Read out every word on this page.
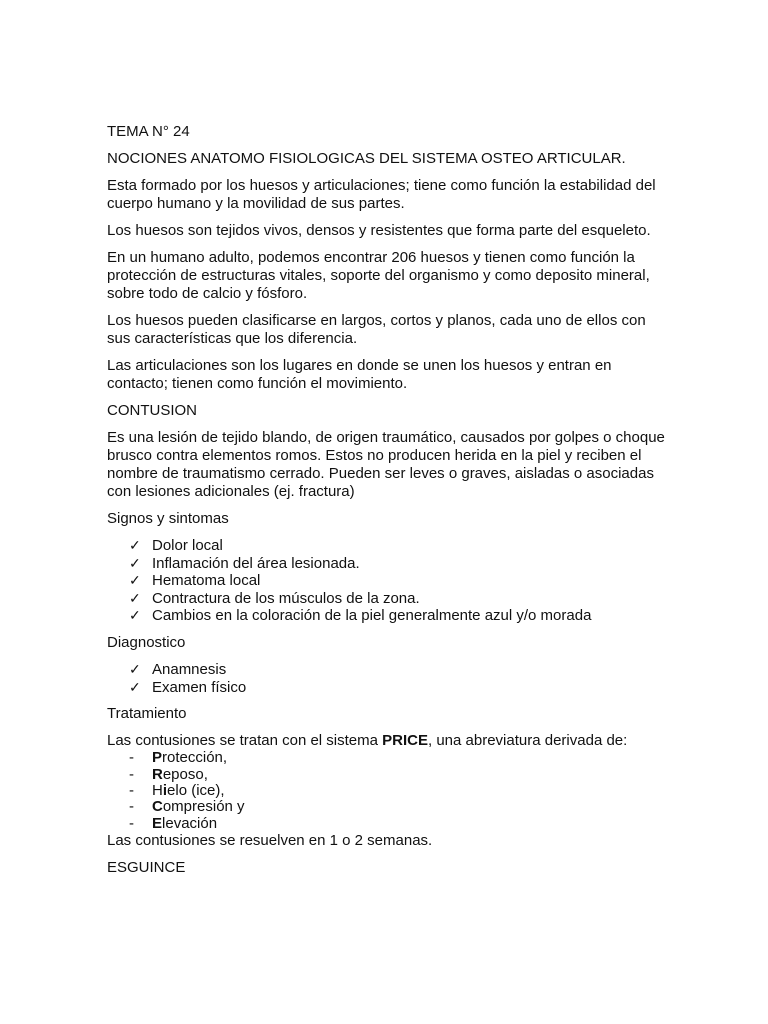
TEMA N° 24

NOCIONES ANATOMO FISIOLOGICAS DEL SISTEMA OSTEO ARTICULAR.

Esta formado por los huesos y articulaciones; tiene como función la estabilidad del cuerpo humano y la movilidad de sus partes.

Los huesos son tejidos vivos, densos y resistentes que forma parte del esqueleto.

En un humano adulto, podemos encontrar 206 huesos y tienen como función la protección de estructuras vitales, soporte del organismo y como deposito mineral, sobre todo de calcio y fósforo.

Los huesos pueden clasificarse en largos, cortos y planos, cada uno de ellos con sus características que los diferencia.

Las articulaciones son los lugares en donde se unen los huesos y entran en contacto; tienen como función el movimiento.

CONTUSION

Es una lesión de tejido blando, de origen traumático, causados por golpes o choque brusco contra elementos romos. Estos no producen herida en la piel y reciben el nombre de traumatismo cerrado. Pueden ser leves o graves, aisladas o asociadas con lesiones adicionales (ej. fractura)

Signos y sintomas

✓ Dolor local
✓ Inflamación del área lesionada.
✓ Hematoma local
✓ Contractura de los músculos de la zona.
✓ Cambios en la coloración de la piel generalmente azul y/o morada

Diagnostico

✓ Anamnesis
✓ Examen físico

Tratamiento

Las contusiones se tratan con el sistema PRICE, una abreviatura derivada de:

- Protección,
- Reposo,
- Hielo (ice),
- Compresión y
- Elevación

Las contusiones se resuelven en 1 o 2 semanas.

ESGUINCE
